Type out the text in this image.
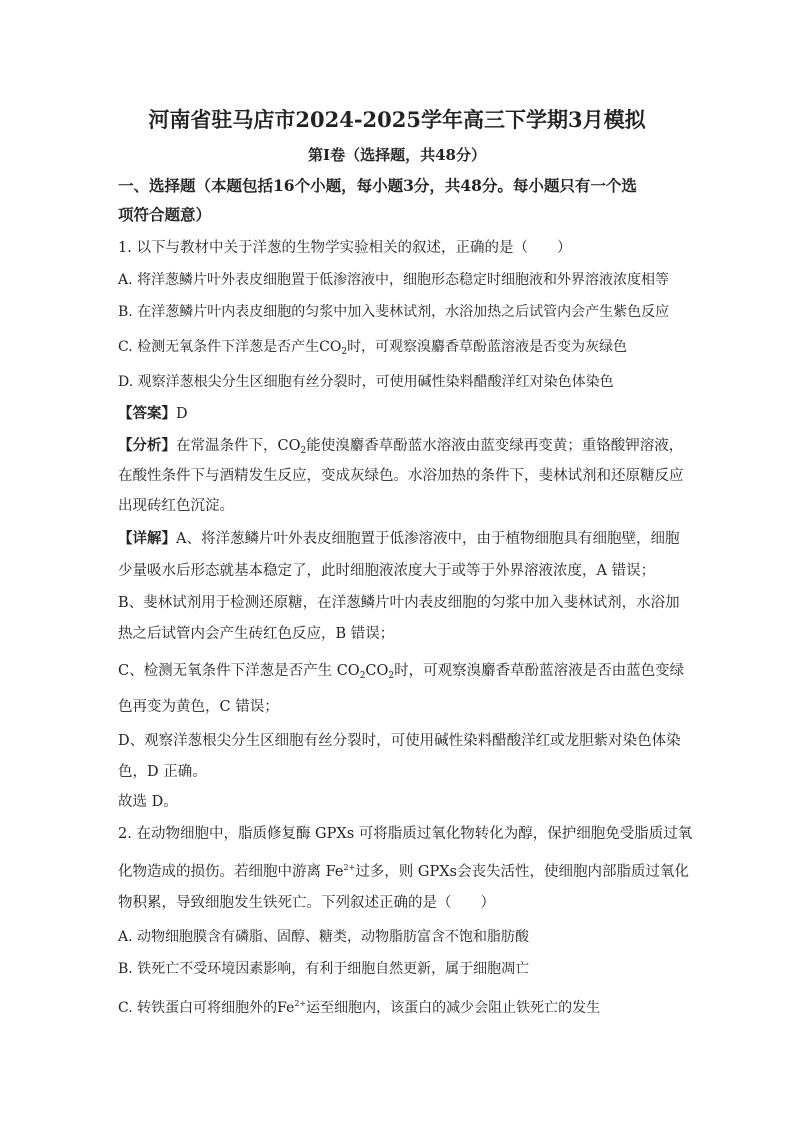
河南省驻马店市2024-2025学年高三下学期3月模拟
第Ⅰ卷（选择题，共48分）
一、选择题（本题包括16个小题，每小题3分，共48分。每小题只有一个选
项符合题意）
1. 以下与教材中关于洋葱的生物学实验相关的叙述，正确的是（　　）
A. 将洋葱鳞片叶外表皮细胞置于低渗溶液中，细胞形态稳定时细胞液和外界溶液浓度相等
B. 在洋葱鳞片叶内表皮细胞的匀浆中加入斐林试剂，水浴加热之后试管内会产生紫色反应
C. 检测无氧条件下洋葱是否产生$CO_2$时，可观察溴麝香草酚蓝溶液是否变为灰绿色
D. 观察洋葱根尖分生区细胞有丝分裂时，可使用碱性染料醋酸洋红对染色体染色
【答案】D
【分析】在常温条件下，$CO_2$能使溴麝香草酚蓝水溶液由蓝变绿再变黄；重铬酸钾溶液，
在酸性条件下与酒精发生反应，变成灰绿色。水浴加热的条件下，斐林试剂和还原糖反应
出现砖红色沉淀。
【详解】A、将洋葱鳞片叶外表皮细胞置于低渗溶液中，由于植物细胞具有细胞壁，细胞
少量吸水后形态就基本稳定了，此时细胞液浓度大于或等于外界溶液浓度，A 错误；
B、斐林试剂用于检测还原糖，在洋葱鳞片叶内表皮细胞的匀浆中加入斐林试剂，水浴加
热之后试管内会产生砖红色反应，B 错误；
C、检测无氧条件下洋葱是否产生 $CO_2CO_2$时，可观察溴麝香草酚蓝溶液是否由蓝色变绿
色再变为黄色，C 错误；
D、观察洋葱根尖分生区细胞有丝分裂时，可使用碱性染料醋酸洋红或龙胆紫对染色体染
色，D 正确。
故选 D。
2. 在动物细胞中，脂质修复酶 GPXs 可将脂质过氧化物转化为醇，保护细胞免受脂质过氧
化物造成的损伤。若细胞中游离 $Fe^{2+}$过多，则 GPXs会丧失活性，使细胞内部脂质过氧化
物积累，导致细胞发生铁死亡。下列叙述正确的是（　　）
A. 动物细胞膜含有磷脂、固醇、糖类，动物脂肪富含不饱和脂肪酸
B. 铁死亡不受环境因素影响，有利于细胞自然更新，属于细胞凋亡
C. 转铁蛋白可将细胞外的$Fe^{2+}$运至细胞内，该蛋白的减少会阻止铁死亡的发生
